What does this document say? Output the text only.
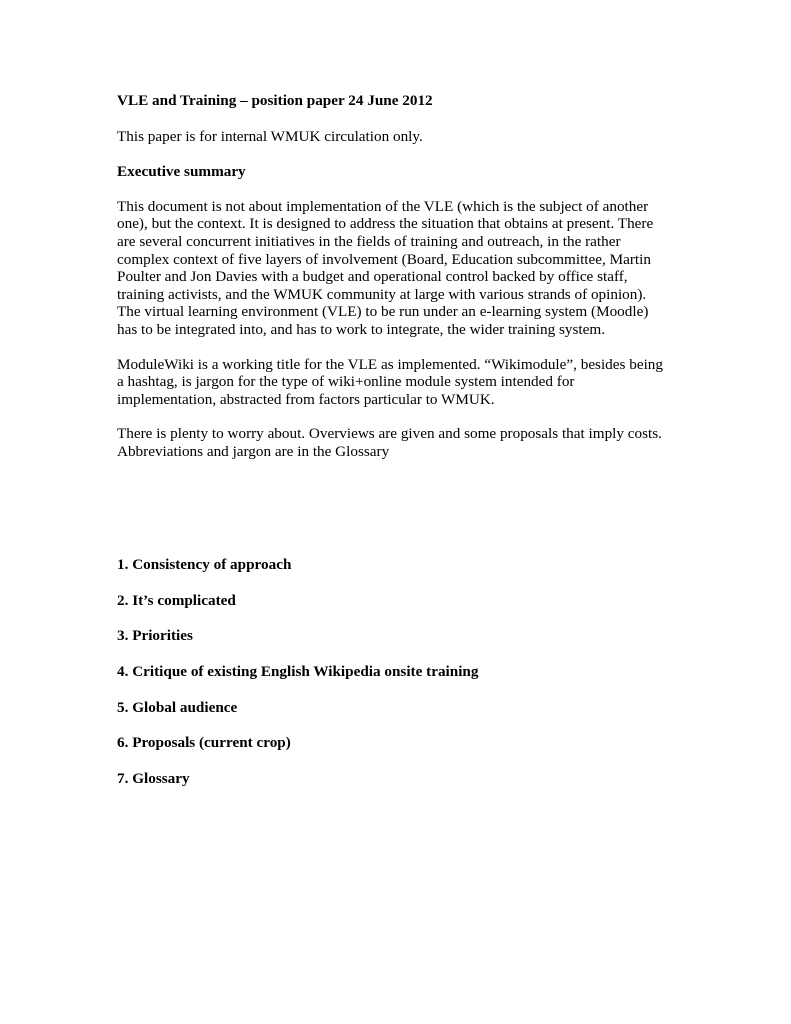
VLE and Training – position paper 24 June 2012

This paper is for internal WMUK circulation only.

Executive summary

This document is not about implementation of the VLE (which is the subject of another
one), but the context. It is designed to address the situation that obtains at present. There
are several concurrent initiatives in the fields of training and outreach, in the rather
complex context of five layers of involvement (Board, Education subcommittee, Martin
Poulter and Jon Davies with a budget and operational control backed by office staff,
training activists, and the WMUK community at large with various strands of opinion).
The virtual learning environment (VLE) to be run under an e-learning system (Moodle)
has to be integrated into, and has to work to integrate, the wider training system.

ModuleWiki is a working title for the VLE as implemented. “Wikimodule”, besides being
a hashtag, is jargon for the type of wiki+online module system intended for
implementation, abstracted from factors particular to WMUK.

There is plenty to worry about. Overviews are given and some proposals that imply costs.
Abbreviations and jargon are in the Glossary

1. Consistency of approach
2. It’s complicated
3. Priorities
4. Critique of existing English Wikipedia onsite training
5. Global audience
6. Proposals (current crop)
7. Glossary
